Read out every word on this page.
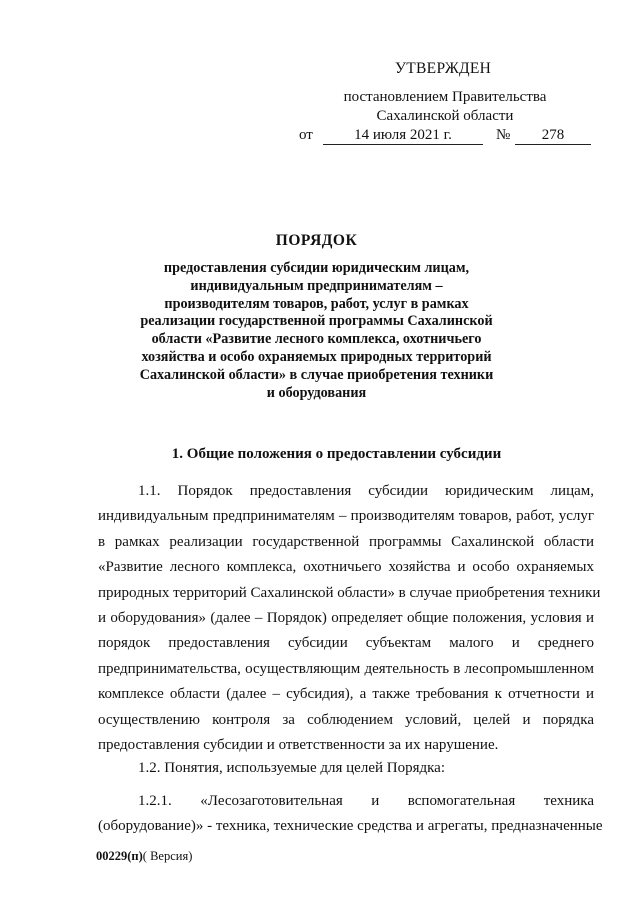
УТВЕРЖДЕН
постановлением Правительства
Сахалинской области
от	14 июля 2021 г.	№	278
ПОРЯДОК
предоставления субсидии юридическим лицам,
индивидуальным предпринимателям –
производителям товаров, работ, услуг в рамках
реализации государственной программы Сахалинской
области «Развитие лесного комплекса, охотничьего
хозяйства и особо охраняемых природных территорий
Сахалинской области» в случае приобретения техники
и оборудования
1. Общие положения о предоставлении субсидии
1.1. Порядок предоставления субсидии юридическим лицам,
индивидуальным предпринимателям – производителям товаров, работ, услуг
в рамках реализации государственной программы Сахалинской области
«Развитие лесного комплекса, охотничьего хозяйства и особо охраняемых
природных территорий Сахалинской области» в случае приобретения техники
и оборудования» (далее – Порядок) определяет общие положения, условия и
порядок предоставления субсидии субъектам малого и среднего
предпринимательства, осуществляющим деятельность в лесопромышленном
комплексе области (далее – субсидия), а также требования к отчетности и
осуществлению контроля за соблюдением условий, целей и порядка
предоставления субсидии и ответственности за их нарушение.
1.2. Понятия, используемые для целей Порядка:
1.2.1. «Лесозаготовительная и вспомогательная техника
(оборудование)» - техника, технические средства и агрегаты, предназначенные
00229(п)( Версия)
